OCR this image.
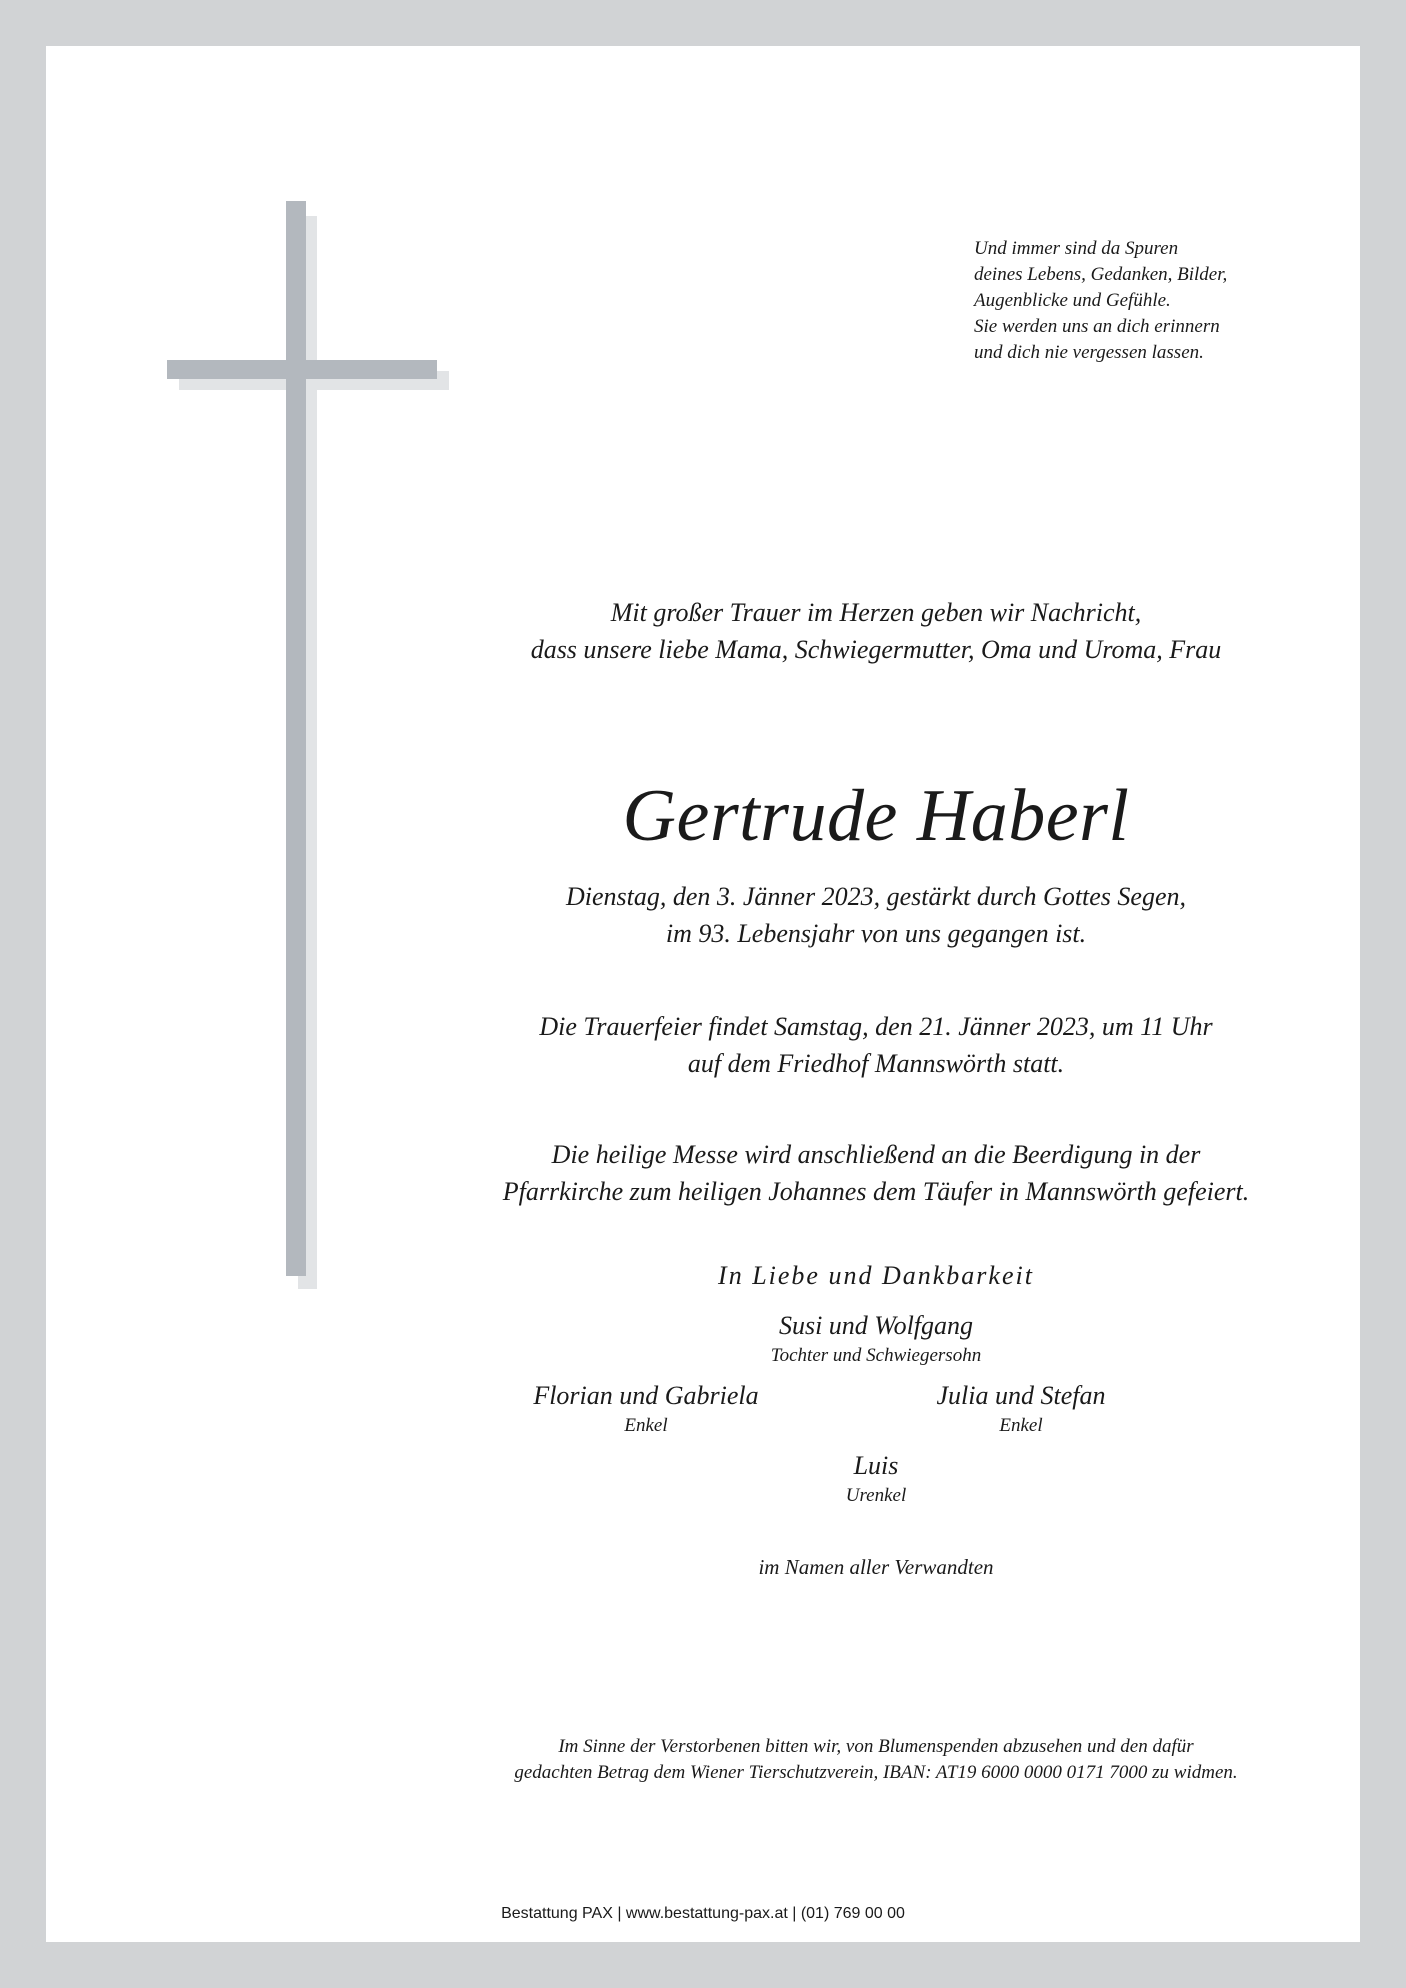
Und immer sind da Spuren
deines Lebens, Gedanken, Bilder,
Augenblicke und Gefühle.
Sie werden uns an dich erinnern
und dich nie vergessen lassen.
Mit großer Trauer im Herzen geben wir Nachricht,
dass unsere liebe Mama, Schwiegermutter, Oma und Uroma, Frau
Gertrude Haberl
Dienstag, den 3. Jänner 2023, gestärkt durch Gottes Segen,
im 93. Lebensjahr von uns gegangen ist.
Die Trauerfeier findet Samstag, den 21. Jänner 2023, um 11 Uhr
auf dem Friedhof Mannswörth statt.
Die heilige Messe wird anschließend an die Beerdigung in der
Pfarrkirche zum heiligen Johannes dem Täufer in Mannswörth gefeiert.
In Liebe und Dankbarkeit
Susi und Wolfgang
Tochter und Schwiegersohn
Florian und Gabriela
Enkel
Julia und Stefan
Enkel
Luis
Urenkel
im Namen aller Verwandten
Im Sinne der Verstorbenen bitten wir, von Blumenspenden abzusehen und den dafür
gedachten Betrag dem Wiener Tierschutzverein, IBAN: AT19 6000 0000 0171 7000 zu widmen.
Bestattung PAX | www.bestattung-pax.at | (01) 769 00 00
